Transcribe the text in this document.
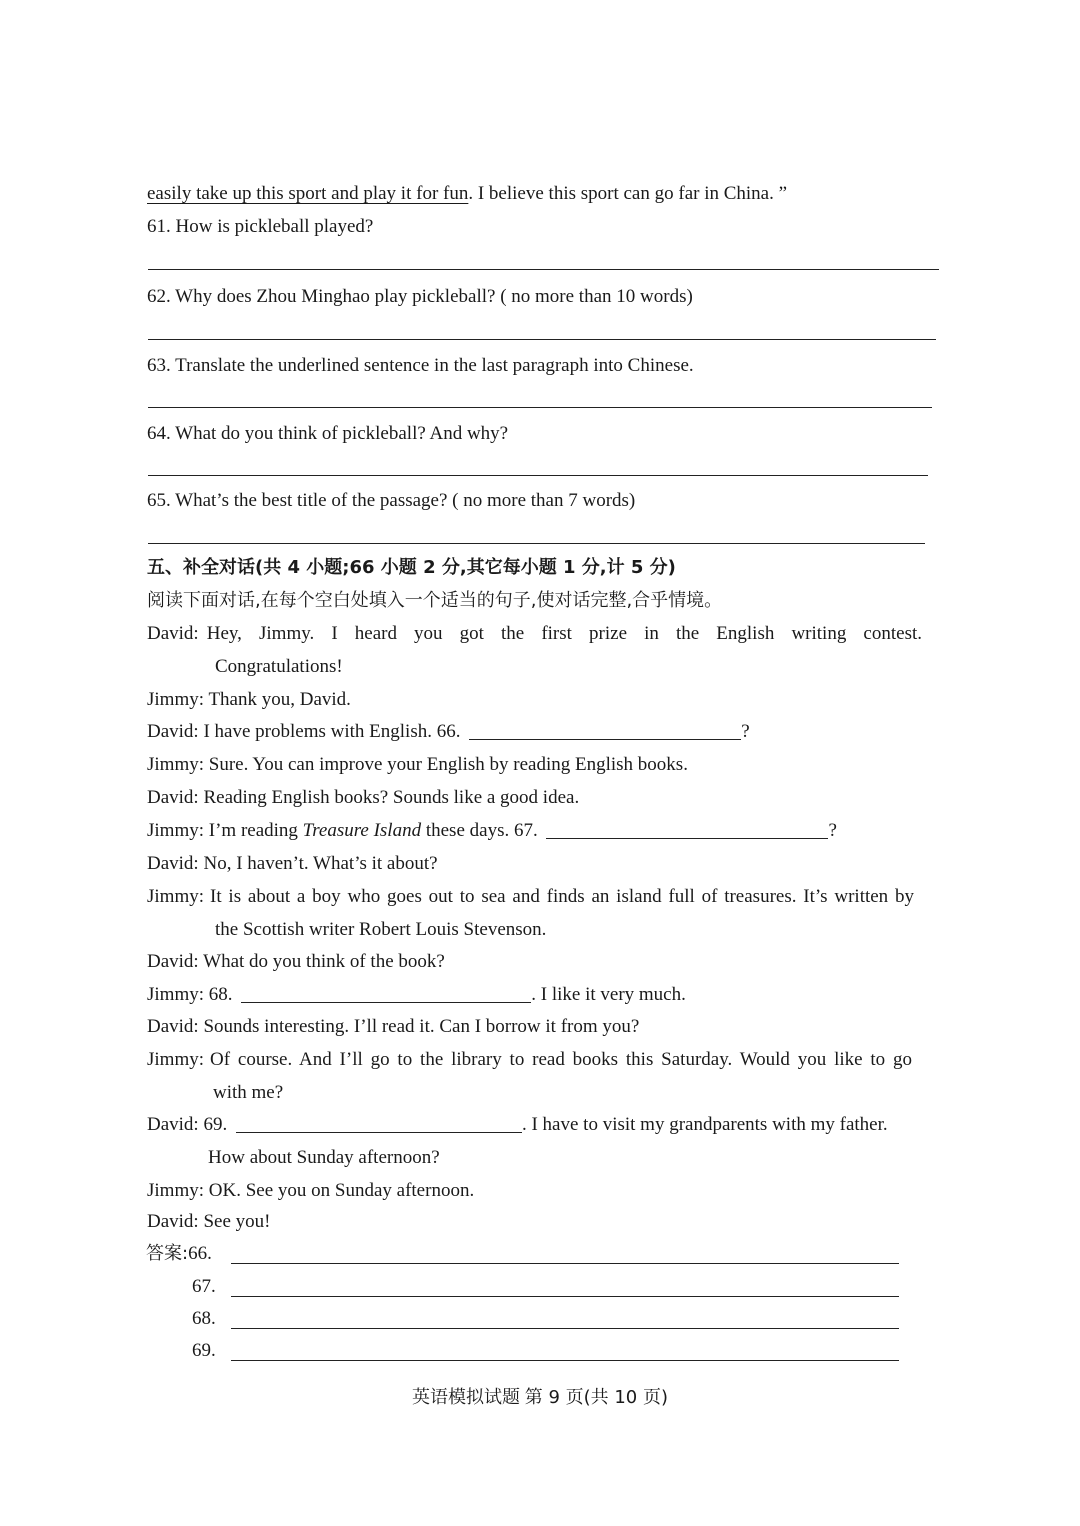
easily take up this sport and play it for fun. I believe this sport can go far in China. ”
61. How is pickleball played?
62. Why does Zhou Minghao play pickleball? ( no more than 10 words)
63. Translate the underlined sentence in the last paragraph into Chinese.
64. What do you think of pickleball? And why?
65. What’s the best title of the passage? ( no more than 7 words)
五、补全对话(共 4 小题;66 小题 2 分,其它每小题 1 分,计 5 分)
阅读下面对话,在每个空白处填入一个适当的句子,使对话完整,合乎情境。
David: Hey, Jimmy. I heard you got the first prize in the English writing contest.
Congratulations!
Jimmy: Thank you, David.
David: I have problems with English. 66.	?
Jimmy: Sure. You can improve your English by reading English books.
David: Reading English books? Sounds like a good idea.
Jimmy: I’m reading Treasure Island these days. 67.	?
David: No, I haven’t. What’s it about?
Jimmy: It is about a boy who goes out to sea and finds an island full of treasures. It’s written by
the Scottish writer Robert Louis Stevenson.
David: What do you think of the book?
Jimmy: 68.	. I like it very much.
David: Sounds interesting. I’ll read it. Can I borrow it from you?
Jimmy: Of course. And I’ll go to the library to read books this Saturday. Would you like to go
with me?
David: 69.	. I have to visit my grandparents with my father.
How about Sunday afternoon?
Jimmy: OK. See you on Sunday afternoon.
David: See you!
答案:66.
67.
68.
69.
英语模拟试题 第 9 页(共 10 页)
